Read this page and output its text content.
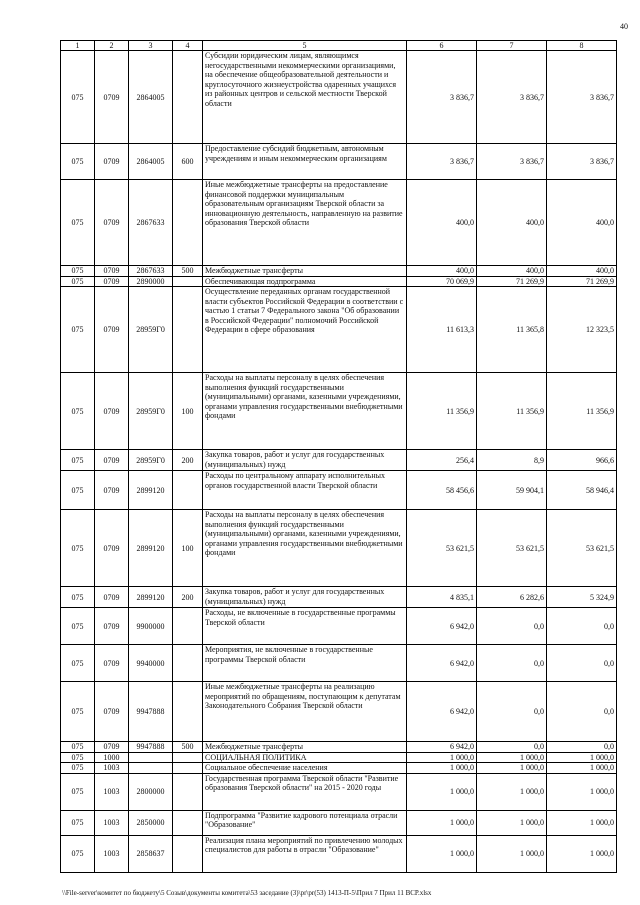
40
1	2	3	4	5	6	7	8
075	0709	2864005		Субсидии юридическим лицам, являющимся негосударственными некоммерческими организациями, на обеспечение общеобразовательной деятельности и круглосуточного жизнеустройства одаренных учащихся из районных центров и сельской местности Тверской области	3 836,7	3 836,7	3 836,7
075	0709	2864005	600	Предоставление субсидий бюджетным, автономным учреждениям и иным некоммерческим организациям	3 836,7	3 836,7	3 836,7
075	0709	2867633		Иные межбюджетные трансферты на предоставление финансовой поддержки муниципальным образовательным организациям Тверской области за инновационную деятельность, направленную на развитие образования Тверской области	400,0	400,0	400,0
075	0709	2867633	500	Межбюджетные трансферты	400,0	400,0	400,0
075	0709	2890000		Обеспечивающая подпрограмма	70 069,9	71 269,9	71 269,9
075	0709	28959Г0		Осуществление переданных органам государственной власти субъектов Российской Федерации в соответствии с частью 1 статьи 7 Федерального закона "Об образовании в Российской Федерации" полномочий Российской Федерации в сфере образования	11 613,3	11 365,8	12 323,5
075	0709	28959Г0	100	Расходы на выплаты персоналу в целях обеспечения выполнения функций государственными (муниципальными) органами, казенными учреждениями, органами управления государственными внебюджетными фондами	11 356,9	11 356,9	11 356,9
075	0709	28959Г0	200	Закупка товаров, работ и услуг для государственных (муниципальных) нужд	256,4	8,9	966,6
075	0709	2899120		Расходы по центральному аппарату исполнительных органов государственной власти Тверской области	58 456,6	59 904,1	58 946,4
075	0709	2899120	100	Расходы на выплаты персоналу в целях обеспечения выполнения функций государственными (муниципальными) органами, казенными учреждениями, органами управления государственными внебюджетными фондами	53 621,5	53 621,5	53 621,5
075	0709	2899120	200	Закупка товаров, работ и услуг для государственных (муниципальных) нужд	4 835,1	6 282,6	5 324,9
075	0709	9900000		Расходы, не включенные в государственные программы Тверской области	6 942,0	0,0	0,0
075	0709	9940000		Мероприятия, не включенные в государственные программы Тверской области	6 942,0	0,0	0,0
075	0709	9947888		Иные межбюджетные трансферты на реализацию мероприятий по обращениям, поступающим к депутатам Законодательного Собрания Тверской области	6 942,0	0,0	0,0
075	0709	9947888	500	Межбюджетные трансферты	6 942,0	0,0	0,0
075	1000			СОЦИАЛЬНАЯ ПОЛИТИКА	1 000,0	1 000,0	1 000,0
075	1003			Социальное обеспечение населения	1 000,0	1 000,0	1 000,0
075	1003	2800000		Государственная программа Тверской области "Развитие образования Тверской области" на 2015 - 2020 годы	1 000,0	1 000,0	1 000,0
075	1003	2850000		Подпрограмма "Развитие кадрового потенциала отрасли "Образование"	1 000,0	1 000,0	1 000,0
075	1003	2858637		Реализация плана мероприятий по привлечению молодых специалистов для работы в отрасли "Образование"	1 000,0	1 000,0	1 000,0
\\File-server\комитет по бюджету\5 Созыв\документы комитета\53 заседание (3)\pr\pr(53) 1413-П-5\Прил 7 Прил 11 ВСР.xlsx
